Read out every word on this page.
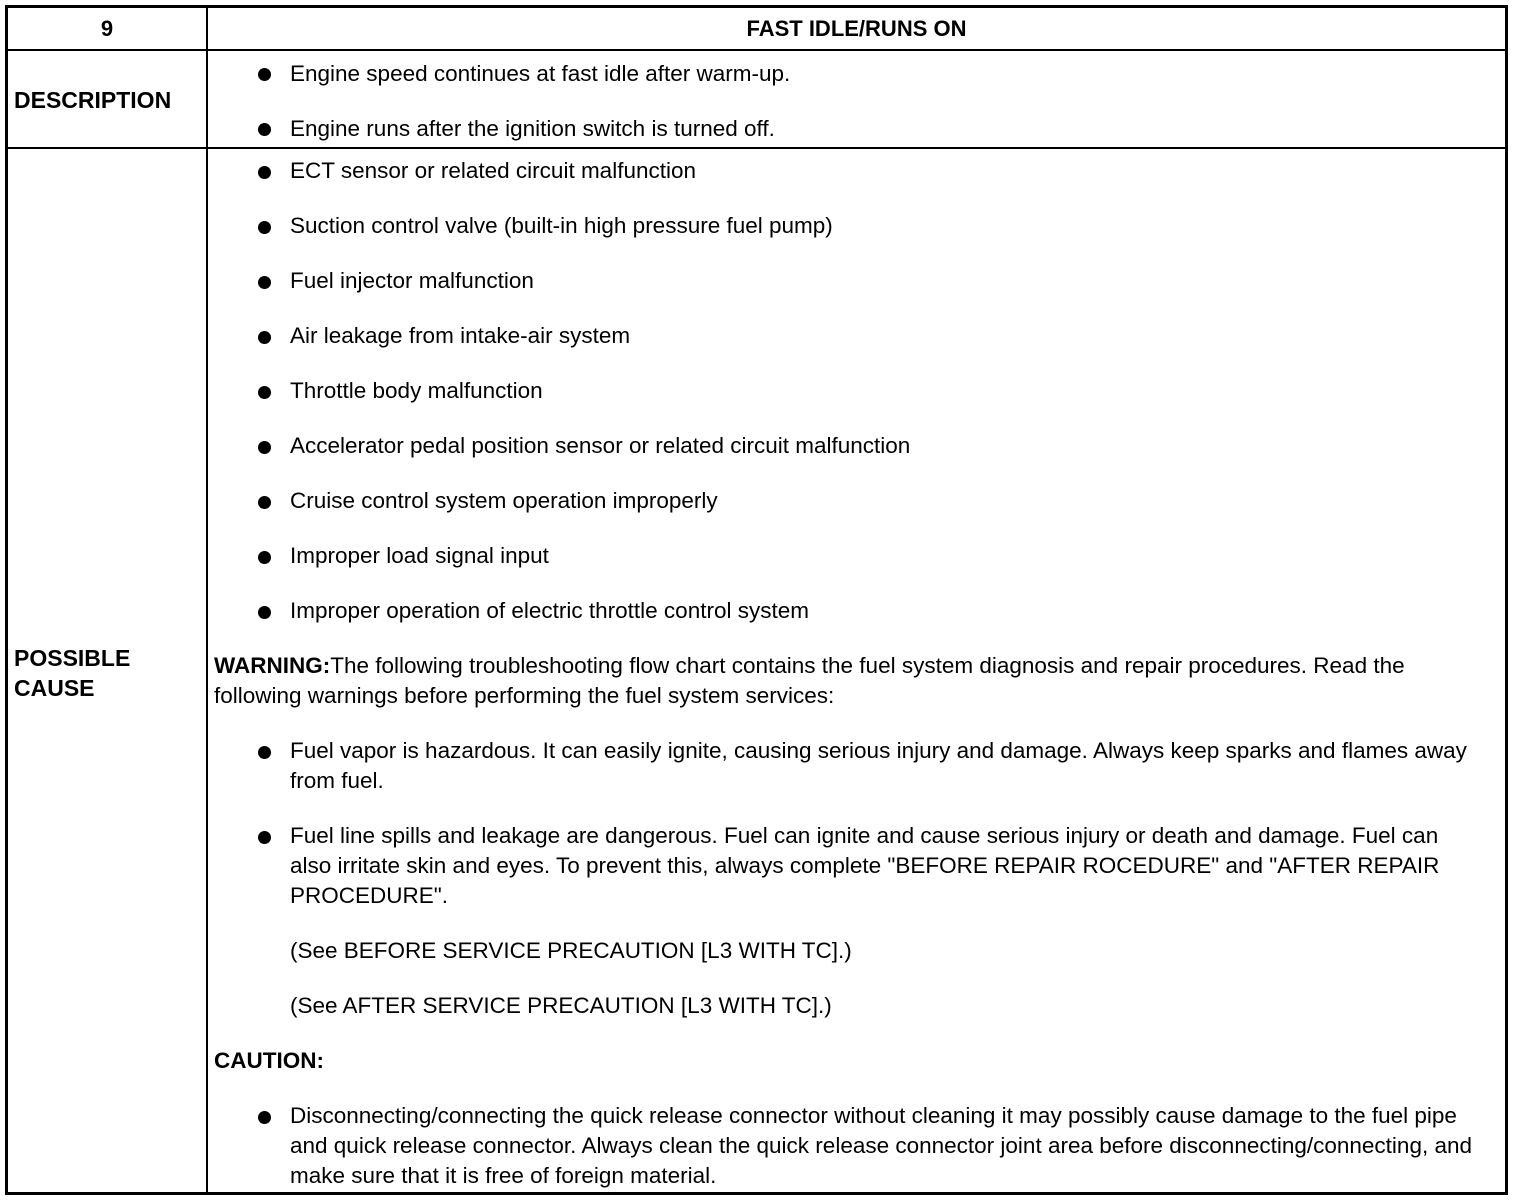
9	FAST IDLE/RUNS ON
DESCRIPTION
Engine speed continues at fast idle after warm-up.
Engine runs after the ignition switch is turned off.
POSSIBLE CAUSE
ECT sensor or related circuit malfunction
Suction control valve (built-in high pressure fuel pump)
Fuel injector malfunction
Air leakage from intake-air system
Throttle body malfunction
Accelerator pedal position sensor or related circuit malfunction
Cruise control system operation improperly
Improper load signal input
Improper operation of electric throttle control system
WARNING:The following troubleshooting flow chart contains the fuel system diagnosis and repair procedures. Read the following warnings before performing the fuel system services:
Fuel vapor is hazardous. It can easily ignite, causing serious injury and damage. Always keep sparks and flames away from fuel.
Fuel line spills and leakage are dangerous. Fuel can ignite and cause serious injury or death and damage. Fuel can also irritate skin and eyes. To prevent this, always complete "BEFORE REPAIR ROCEDURE" and "AFTER REPAIR PROCEDURE".
(See BEFORE SERVICE PRECAUTION [L3 WITH TC].)
(See AFTER SERVICE PRECAUTION [L3 WITH TC].)
CAUTION:
Disconnecting/connecting the quick release connector without cleaning it may possibly cause damage to the fuel pipe and quick release connector. Always clean the quick release connector joint area before disconnecting/connecting, and make sure that it is free of foreign material.
